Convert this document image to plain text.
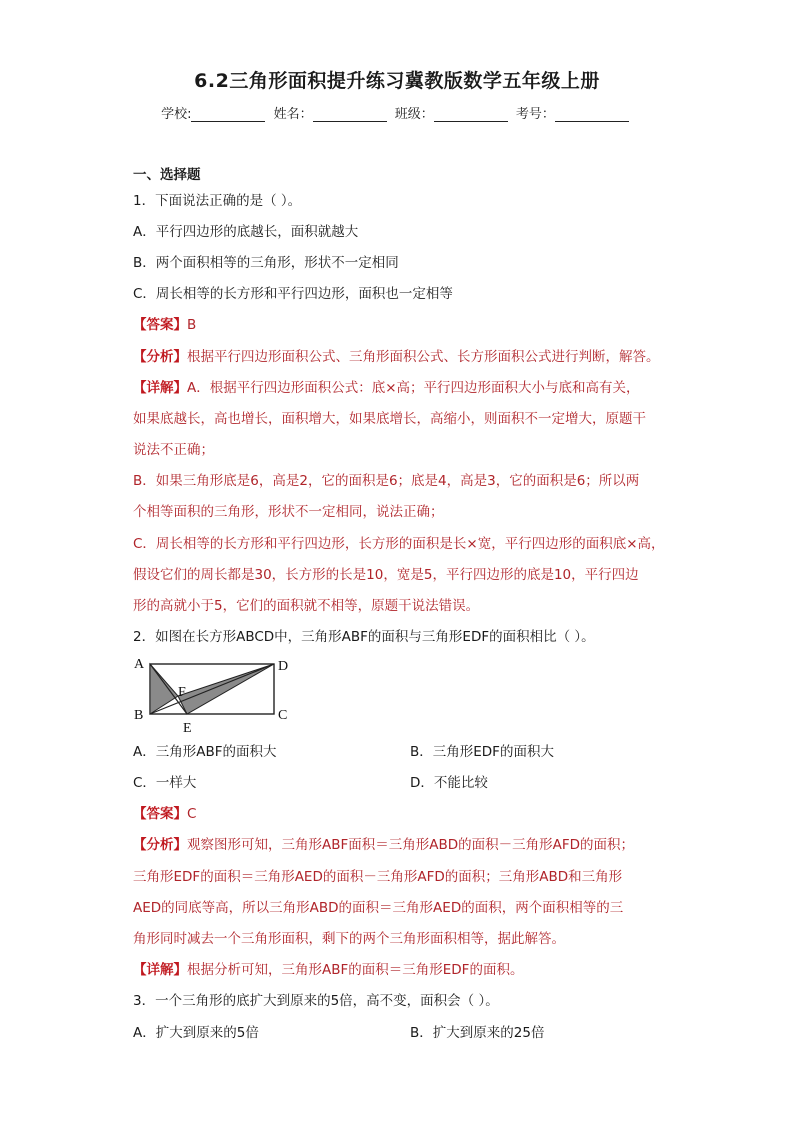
6.2三角形面积提升练习冀教版数学五年级上册
学校:	姓名：	班级：	考号：
一、选择题
1．下面说法正确的是（ ）。
A．平行四边形的底越长，面积就越大
B．两个面积相等的三角形，形状不一定相同
C．周长相等的长方形和平行四边形，面积也一定相等
【答案】B
【分析】根据平行四边形面积公式、三角形面积公式、长方形面积公式进行判断，解答。
【详解】A．根据平行四边形面积公式：底×高；平行四边形面积大小与底和高有关，
如果底越长，高也增长，面积增大，如果底增长，高缩小，则面积不一定增大，原题干
说法不正确；
B．如果三角形底是6，高是2，它的面积是6；底是4，高是3，它的面积是6；所以两
个相等面积的三角形，形状不一定相同，说法正确；
C．周长相等的长方形和平行四边形，长方形的面积是长×宽，平行四边形的面积底×高，
假设它们的周长都是30，长方形的长是10，宽是5，平行四边形的底是10，平行四边
形的高就小于5，它们的面积就不相等，原题干说法错误。
2．如图在长方形ABCD中，三角形ABF的面积与三角形EDF的面积相比（ ）。
A
B	C
D
E
F
A．三角形ABF的面积大	B．三角形EDF的面积大
C．一样大	D．不能比较
【答案】C
【分析】观察图形可知，三角形ABF面积＝三角形ABD的面积－三角形AFD的面积；
三角形EDF的面积＝三角形AED的面积－三角形AFD的面积；三角形ABD和三角形
AED的同底等高，所以三角形ABD的面积＝三角形AED的面积，两个面积相等的三
角形同时减去一个三角形面积，剩下的两个三角形面积相等，据此解答。
【详解】根据分析可知，三角形ABF的面积＝三角形EDF的面积。
3．一个三角形的底扩大到原来的5倍，高不变，面积会（ ）。
A．扩大到原来的5倍	B．扩大到原来的25倍
